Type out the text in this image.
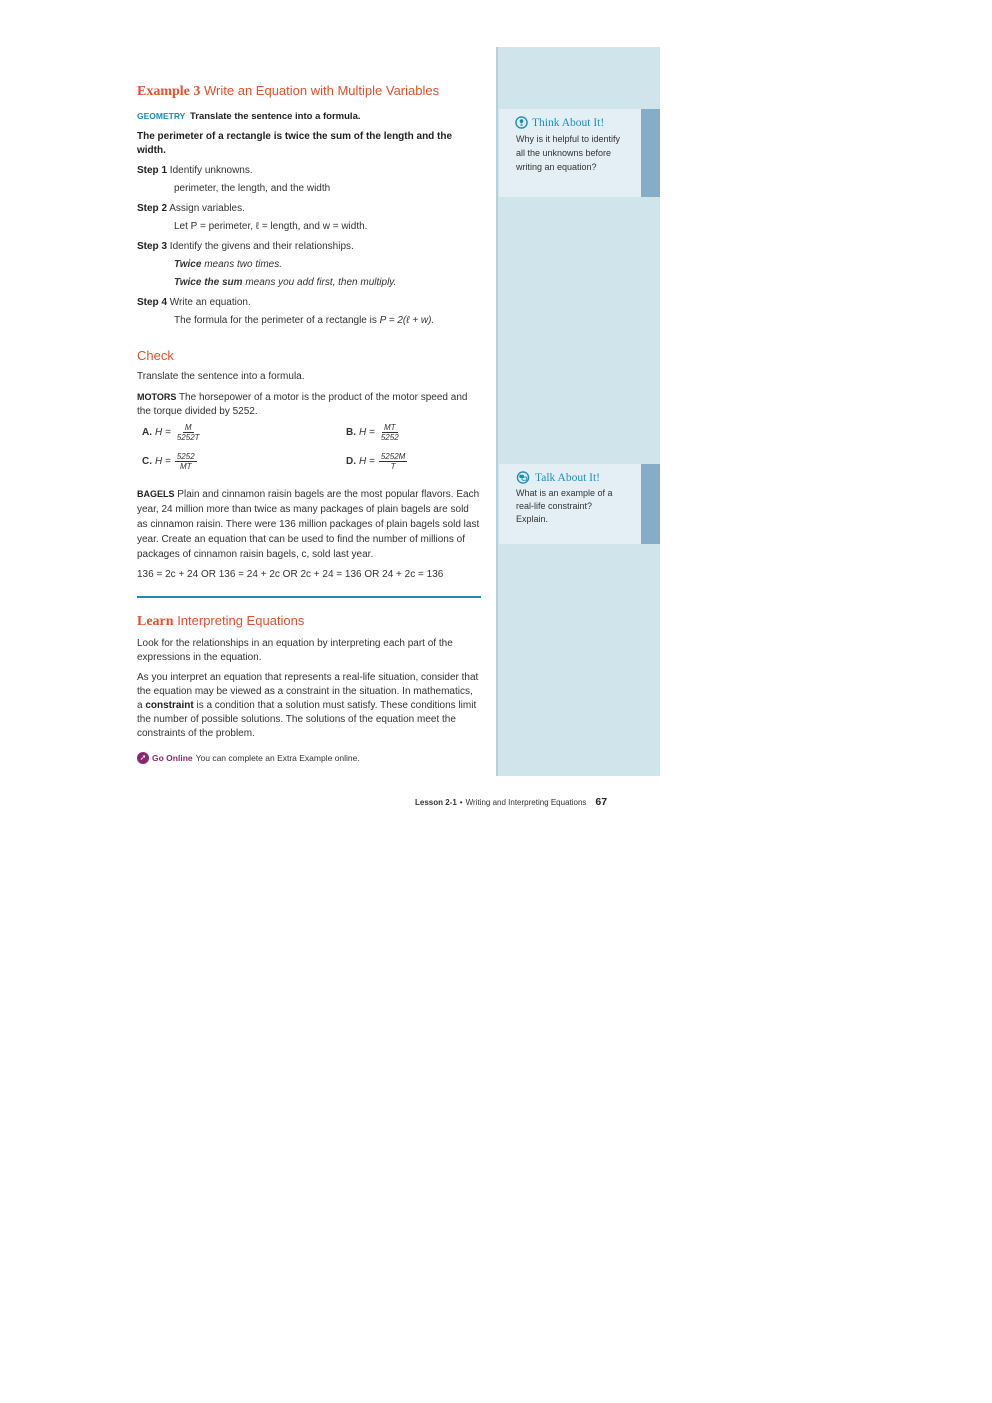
Example 3 Write an Equation with Multiple Variables
GEOMETRY Translate the sentence into a formula.
The perimeter of a rectangle is twice the sum of the length and the width.
Step 1 Identify unknowns.
perimeter, the length, and the width
Step 2 Assign variables.
Let P = perimeter, ℓ = length, and w = width.
Step 3 Identify the givens and their relationships.
Twice means two times.
Twice the sum means you add first, then multiply.
Step 4 Write an equation.
The formula for the perimeter of a rectangle is P = 2(ℓ + w).
Check
Translate the sentence into a formula.
MOTORS The horsepower of a motor is the product of the motor speed and the torque divided by 5252.
A. $H = \frac{M}{5252T}$	B. $H = \frac{MT}{5252}$
C. $H = \frac{5252}{MT}$	D. $H = \frac{5252M}{T}$
BAGELS Plain and cinnamon raisin bagels are the most popular flavors. Each year, 24 million more than twice as many packages of plain bagels are sold as cinnamon raisin. There were 136 million packages of plain bagels sold last year. Create an equation that can be used to find the number of millions of packages of cinnamon raisin bagels, c, sold last year.
136 = 2c + 24 OR 136 = 24 + 2c OR 2c + 24 = 136 OR 24 + 2c = 136
Learn Interpreting Equations
Look for the relationships in an equation by interpreting each part of the expressions in the equation.
As you interpret an equation that represents a real-life situation, consider that the equation may be viewed as a constraint in the situation. In mathematics, a constraint is a condition that a solution must satisfy. These conditions limit the number of possible solutions. The solutions of the equation meet the constraints of the problem.
➚ Go Online You can complete an Extra Example online.
Think About It!
Why is it helpful to identify all the unknowns before writing an equation?
Talk About It!
What is an example of a real-life constraint? Explain.
Lesson 2-1 • Writing and Interpreting Equations 67
